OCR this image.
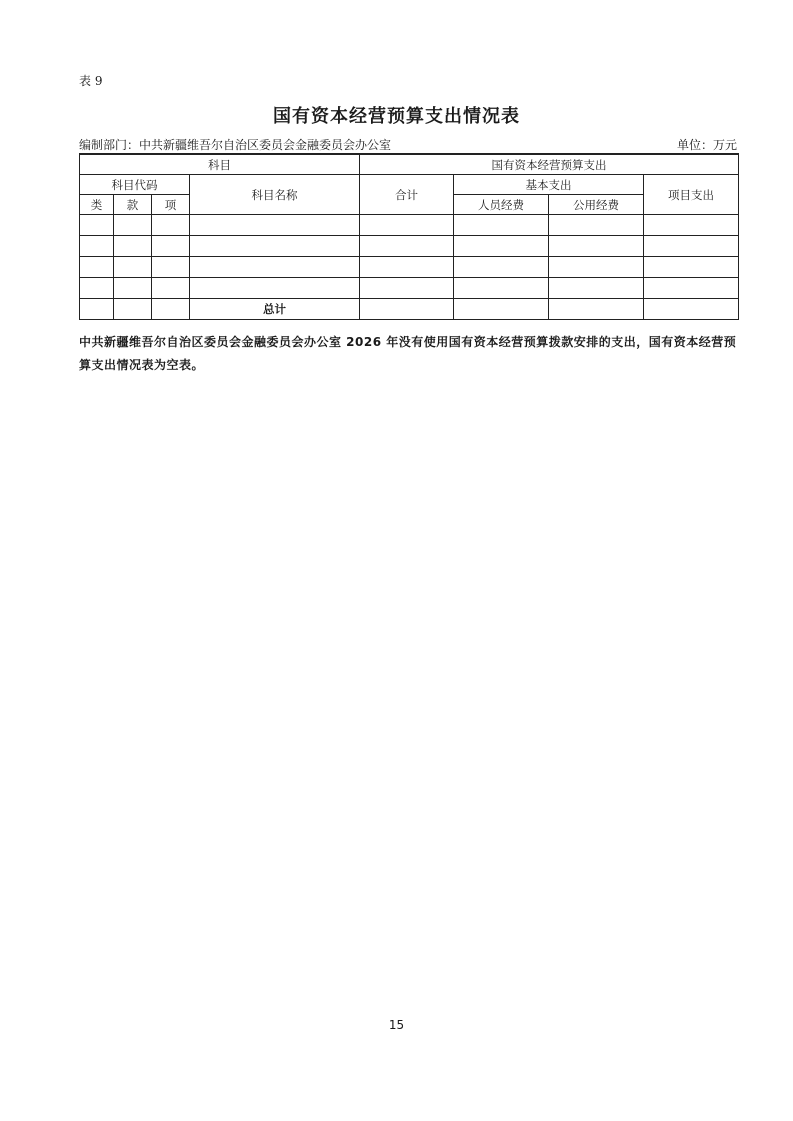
表 9
国有资本经营预算支出情况表
编制部门：中共新疆维吾尔自治区委员会金融委员会办公室	单位：万元
科目				国有资本经营预算支出			
科目代码			科目名称	合计	基本支出		项目支出
类	款	项			人员经费	公用经费	

			总计				
中共新疆维吾尔自治区委员会金融委员会办公室 2026 年没有使用国有资本经营预算拨款安排的支出，国有资本经营预算支出情况表为空表。
15
